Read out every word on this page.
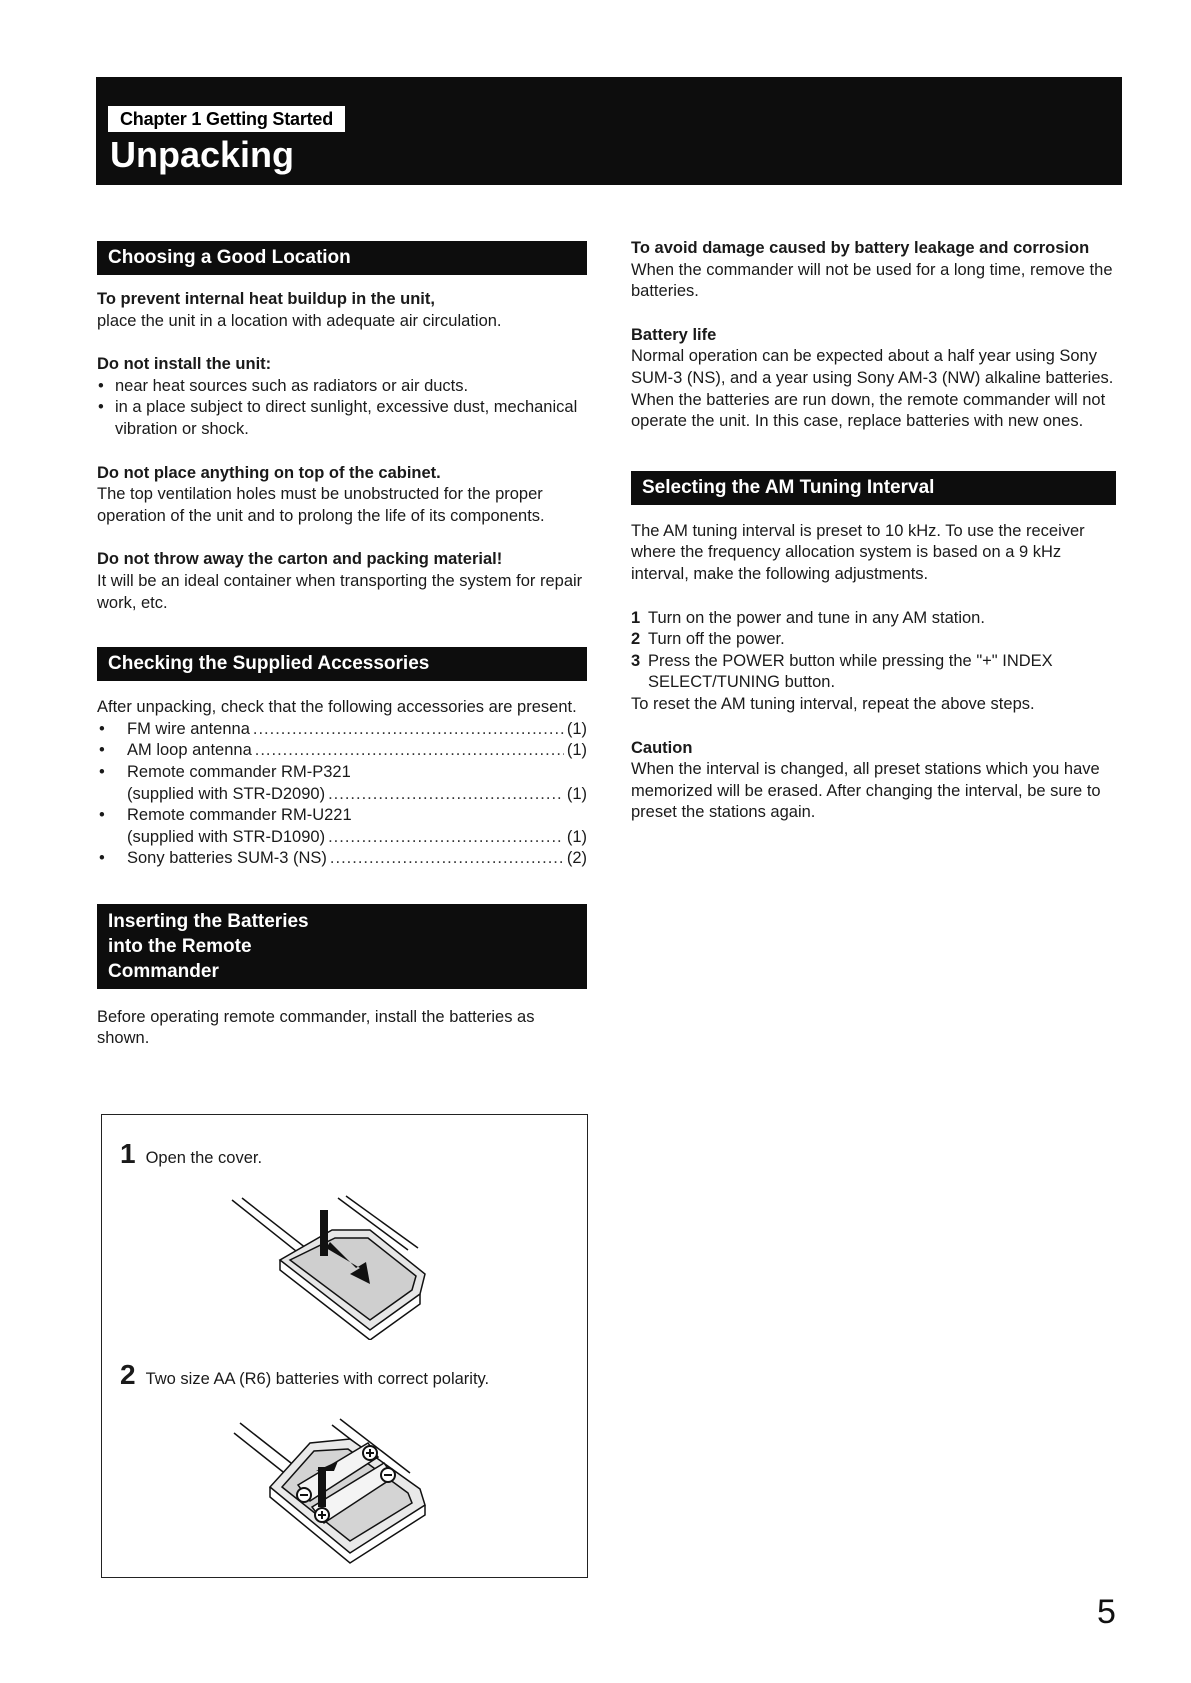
Chapter 1 Getting Started
Unpacking
Choosing a Good Location

To prevent internal heat buildup in the unit,

place the unit in a location with adequate air circulation.

Do not install the unit:

• near heat sources such as radiators or air ducts.
• in a place subject to direct sunlight, excessive dust, mechanical vibration or shock.

Do not place anything on top of the cabinet.

The top ventilation holes must be unobstructed for the proper operation of the unit and to prolong the life of its components.

Do not throw away the carton and packing material!

It will be an ideal container when transporting the system for repair work, etc.

Checking the Supplied Accessories

After unpacking, check that the following accessories are present.

• FM wire antenna .....	(1)
• AM loop antenna .....	(1)
• Remote commander RM-P321
(supplied with STR-D2090) .....	(1)
• Remote commander RM-U221
(supplied with STR-D1090) .....	(1)
• Sony batteries SUM-3 (NS) .....	(2)
Inserting the Batteries into the Remote Commander

Before operating remote commander, install the batteries as shown.

1 Open the cover.
2 Two size AA (R6) batteries with correct polarity.

To avoid damage caused by battery leakage and corrosion

When the commander will not be used for a long time, remove the batteries.

Battery life

Normal operation can be expected about a half year using Sony SUM-3 (NS), and a year using Sony AM-3 (NW) alkaline batteries.

When the batteries are run down, the remote commander will not operate the unit. In this case, replace batteries with new ones.

Selecting the AM Tuning Interval

The AM tuning interval is preset to 10 kHz. To use the receiver where the frequency allocation system is based on a 9 kHz interval, make the following adjustments.

1 Turn on the power and tune in any AM station.
2 Turn off the power.
3 Press the POWER button while pressing the "+" INDEX SELECT/TUNING button.

To reset the AM tuning interval, repeat the above steps.

Caution

When the interval is changed, all preset stations which you have memorized will be erased. After changing the interval, be sure to preset the stations again.

5
